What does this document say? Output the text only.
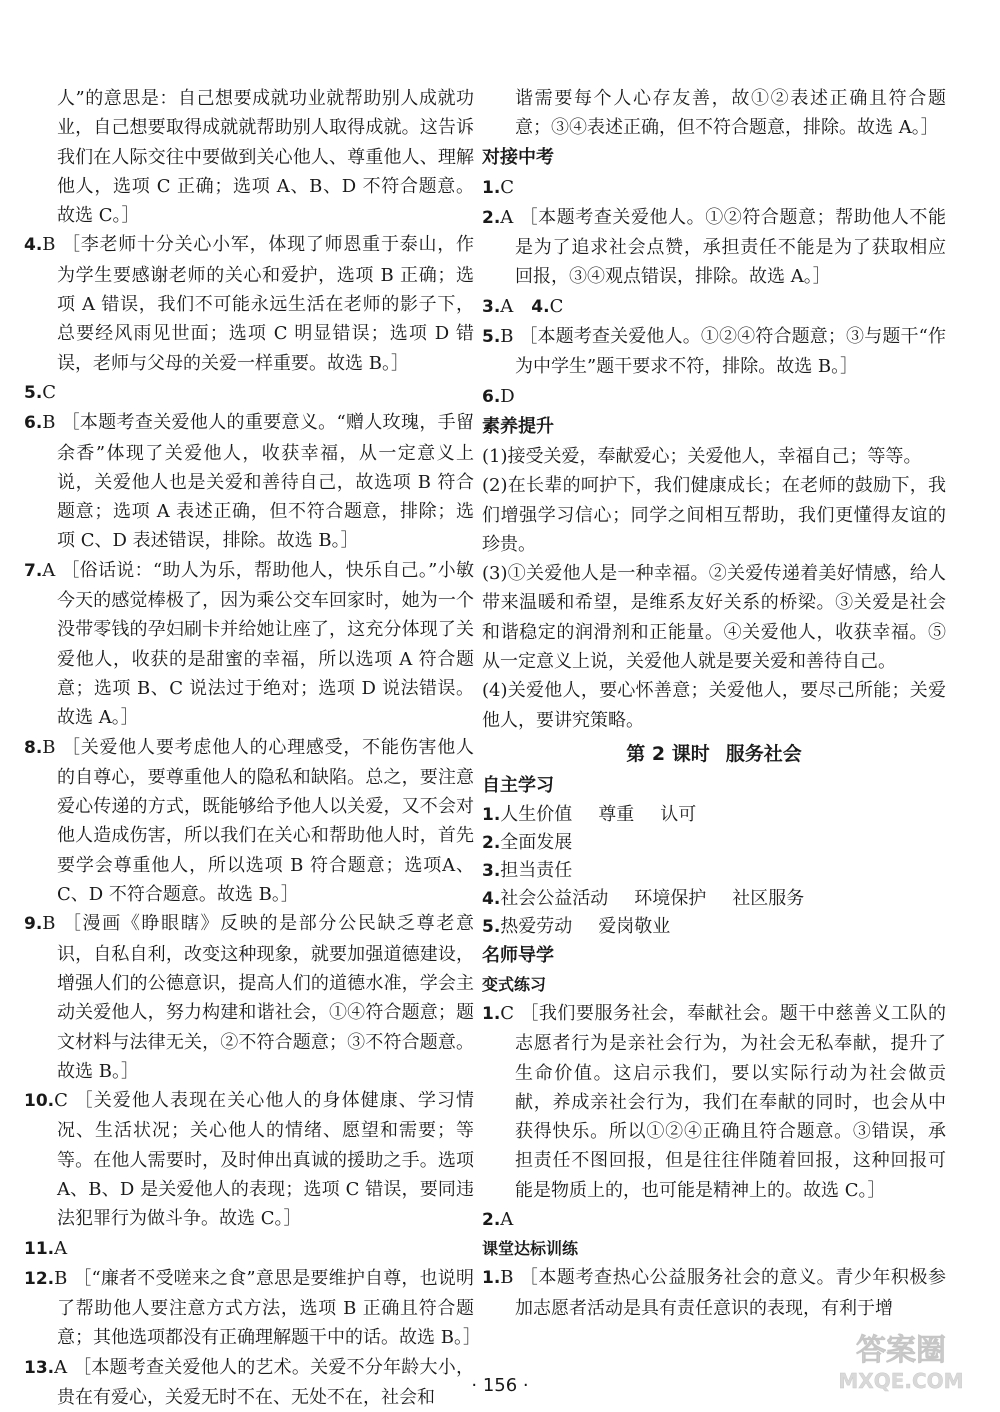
人”的意思是：自己想要成就功业就帮助别人成就功业，自己想要取得成就就帮助别人取得成就。这告诉我们在人际交往中要做到关心他人、尊重他人、理解他人，选项 C 正确；选项 A、B、D 不符合题意。故选 C。］

4.B ［李老师十分关心小军，体现了师恩重于泰山，作为学生要感谢老师的关心和爱护，选项 B 正确；选项 A 错误，我们不可能永远生活在老师的影子下，总要经风雨见世面；选项 C 明显错误；选项 D 错误，老师与父母的关爱一样重要。故选 B。］

5.C

6.B ［本题考查关爱他人的重要意义。“赠人玫瑰，手留余香”体现了关爱他人，收获幸福，从一定意义上说，关爱他人也是关爱和善待自己，故选项 B 符合题意；选项 A 表述正确，但不符合题意，排除；选项 C、D 表述错误，排除。故选 B。］

7.A ［俗话说：“助人为乐，帮助他人，快乐自己。”小敏今天的感觉棒极了，因为乘公交车回家时，她为一个没带零钱的孕妇刷卡并给她让座了，这充分体现了关爱他人，收获的是甜蜜的幸福，所以选项 A 符合题意；选项 B、C 说法过于绝对；选项 D 说法错误。故选 A。］

8.B ［关爱他人要考虑他人的心理感受，不能伤害他人的自尊心，要尊重他人的隐私和缺陷。总之，要注意爱心传递的方式，既能够给予他人以关爱，又不会对他人造成伤害，所以我们在关心和帮助他人时，首先要学会尊重他人，所以选项 B 符合题意；选项A、C、D 不符合题意。故选 B。］

9.B ［漫画《睁眼瞎》反映的是部分公民缺乏尊老意识，自私自利，改变这种现象，就要加强道德建设，增强人们的公德意识，提高人们的道德水准，学会主动关爱他人，努力构建和谐社会，①④符合题意；题文材料与法律无关，②不符合题意；③不符合题意。故选 B。］

10.C ［关爱他人表现在关心他人的身体健康、学习情况、生活状况；关心他人的情绪、愿望和需要；等等。在他人需要时，及时伸出真诚的援助之手。选项 A、B、D 是关爱他人的表现；选项 C 错误，要同违法犯罪行为做斗争。故选 C。］

11.A

12.B ［“廉者不受嗟来之食”意思是要维护自尊，也说明了帮助他人要注意方式方法，选项 B 正确且符合题意；其他选项都没有正确理解题干中的话。故选 B。］

13.A ［本题考查关爱他人的艺术。关爱不分年龄大小，贵在有爱心，关爱无时不在、无处不在，社会和

谐需要每个人心存友善，故①②表述正确且符合题意；③④表述正确，但不符合题意，排除。故选 A。］

对接中考

1.C

2.A ［本题考查关爱他人。①②符合题意；帮助他人不能是为了追求社会点赞，承担责任不能是为了获取相应回报，③④观点错误，排除。故选 A。］

3.A　4.C

5.B ［本题考查关爱他人。①②④符合题意；③与题干“作为中学生”题干要求不符，排除。故选 B。］

6.D

素养提升

(1)接受关爱，奉献爱心；关爱他人，幸福自己；等等。

(2)在长辈的呵护下，我们健康成长；在老师的鼓励下，我们增强学习信心；同学之间相互帮助，我们更懂得友谊的珍贵。

(3)①关爱他人是一种幸福。②关爱传递着美好情感，给人带来温暖和希望，是维系友好关系的桥梁。③关爱是社会和谐稳定的润滑剂和正能量。④关爱他人，收获幸福。⑤从一定意义上说，关爱他人就是要关爱和善待自己。

(4)关爱他人，要心怀善意；关爱他人，要尽己所能；关爱他人，要讲究策略。

第 2 课时 服务社会

自主学习

1.人生价值 尊重 认可

2.全面发展

3.担当责任

4.社会公益活动 环境保护 社区服务

5.热爱劳动 爱岗敬业

名师导学

变式练习

1.C ［我们要服务社会，奉献社会。题干中慈善义工队的志愿者行为是亲社会行为，为社会无私奉献，提升了生命价值。这启示我们，要以实际行动为社会做贡献，养成亲社会行为，我们在奉献的同时，也会从中获得快乐。所以①②④正确且符合题意。③错误，承担责任不图回报，但是往往伴随着回报，这种回报可能是物质上的，也可能是精神上的。故选 C。］

2.A

课堂达标训练

1.B ［本题考查热心公益服务社会的意义。青少年积极参加志愿者活动是具有责任意识的表现，有利于增

· 156 ·
答案圈
MXQE.COM
